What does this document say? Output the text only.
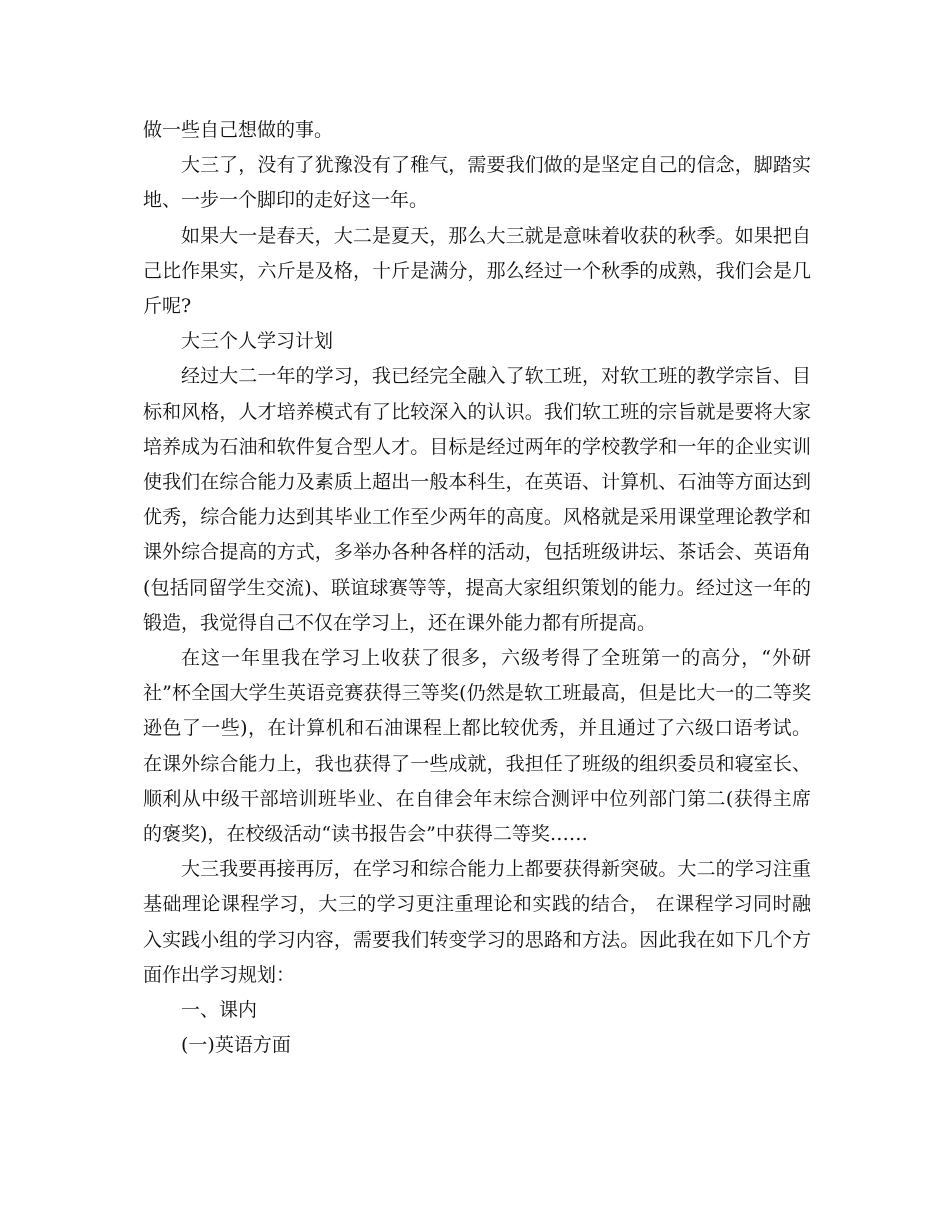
做一些自己想做的事。

大三了，没有了犹豫没有了稚气，需要我们做的是坚定自己的信念，脚踏实地、一步一个脚印的走好这一年。

如果大一是春天，大二是夏天，那么大三就是意味着收获的秋季。如果把自己比作果实，六斤是及格，十斤是满分，那么经过一个秋季的成熟，我们会是几斤呢?

大三个人学习计划

经过大二一年的学习，我已经完全融入了软工班，对软工班的教学宗旨、目标和风格，人才培养模式有了比较深入的认识。我们软工班的宗旨就是要将大家培养成为石油和软件复合型人才。目标是经过两年的学校教学和一年的企业实训使我们在综合能力及素质上超出一般本科生，在英语、计算机、石油等方面达到优秀，综合能力达到其毕业工作至少两年的高度。风格就是采用课堂理论教学和课外综合提高的方式，多举办各种各样的活动，包括班级讲坛、茶话会、英语角(包括同留学生交流)、联谊球赛等等，提高大家组织策划的能力。经过这一年的锻造，我觉得自己不仅在学习上，还在课外能力都有所提高。

在这一年里我在学习上收获了很多，六级考得了全班第一的高分，“外研社”杯全国大学生英语竞赛获得三等奖(仍然是软工班最高，但是比大一的二等奖逊色了一些)，在计算机和石油课程上都比较优秀，并且通过了六级口语考试。在课外综合能力上，我也获得了一些成就，我担任了班级的组织委员和寝室长、顺利从中级干部培训班毕业、在自律会年末综合测评中位列部门第二(获得主席的褒奖)，在校级活动“读书报告会”中获得二等奖……

大三我要再接再厉，在学习和综合能力上都要获得新突破。大二的学习注重基础理论课程学习，大三的学习更注重理论和实践的结合， 在课程学习同时融入实践小组的学习内容，需要我们转变学习的思路和方法。因此我在如下几个方面作出学习规划：

一、课内

(一)英语方面
